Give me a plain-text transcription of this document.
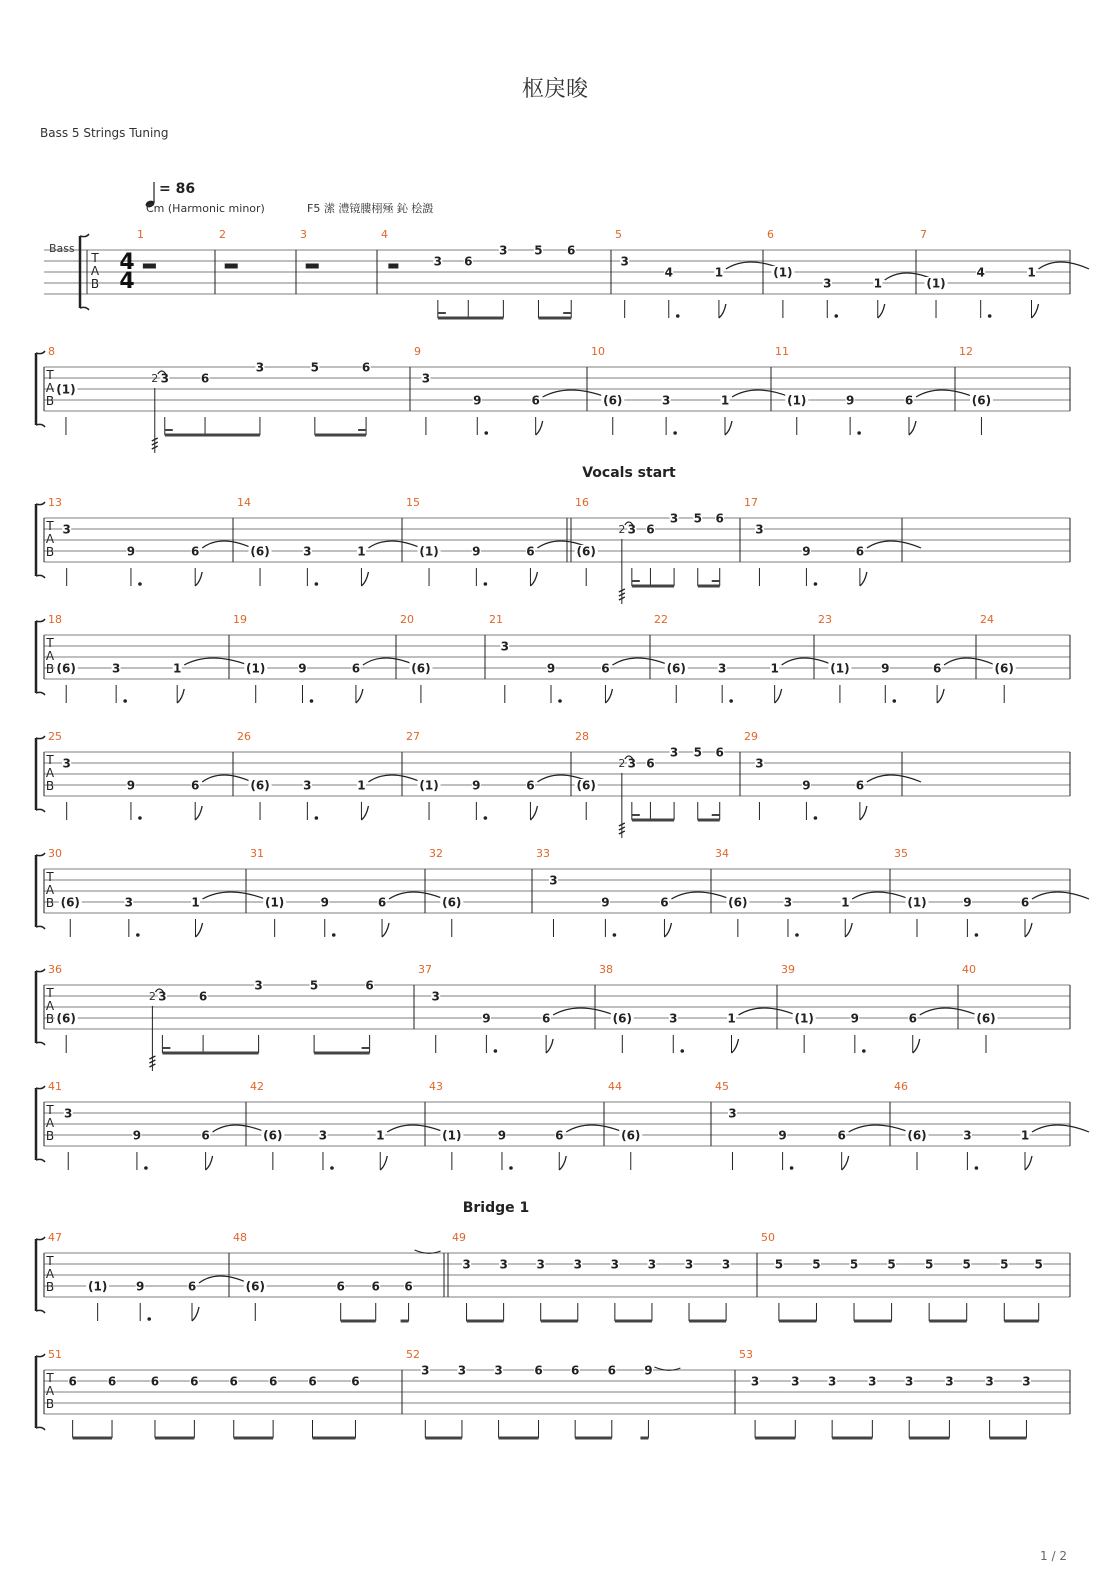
枢戾晙
Bass 5 Strings Tuning
= 86
Cm (Harmonic minor)	F5 潆 澧镜膢栩殛 鈊 桧譭
Bass
Vocals start
Bridge 1
T
A
B
4
4
1	2	3	4
3 6
3 5 6
5
3
4	1
6
(1)
3	1
7
(1)
4	1
T
A
B
8
(1)
3
2	6
3	5	6
9
3
9	6
10
(6)	3	1
11
(1)	9	6
12
(6)
T
A
B
13
3
9	6
14
(6)	3	1
15
(1)	9	6
16
(6)
3
2 6
3 5 6
17
3
9	6
T
A
B
18
(6)	3	1
19
(1)	9	6
20
(6)
21
3
9	6
22
(6)	3	1
23
(1)	9	6
24
(6)
T
A
B
25
3
9	6
26
(6)	3	1
27
(1)	9	6
28
(6)
3
2 6
3 5 6
29
3
9	6
T
A
B
30
(6)	3	1
31
(1)	9	6
32
(6)
33
3
9	6
34
(6)	3	1
35
(1)	9	6
T
A
B
36
(6)
3
2	6
3	5	6
37
3
9	6
38
(6)	3	1
39
(1)	9	6
40
(6)
T
A
B
41
3
9	6
42
(6)	3	1
43
(1)	9	6
44
(6)
45
3
9	6
46
(6)	3	1
T
A
B
47
(1) 9	6
48
(6)	6 6 6
49
3 3 3 3 3 3 3 3
50
5 5 5 5 5 5 5 5
T
A
B
51
6	6	6	6	6	6	6	6
52
3 3 3	6 6 6 9
53
3	3 3	3 3	3	3 3
1 / 2
